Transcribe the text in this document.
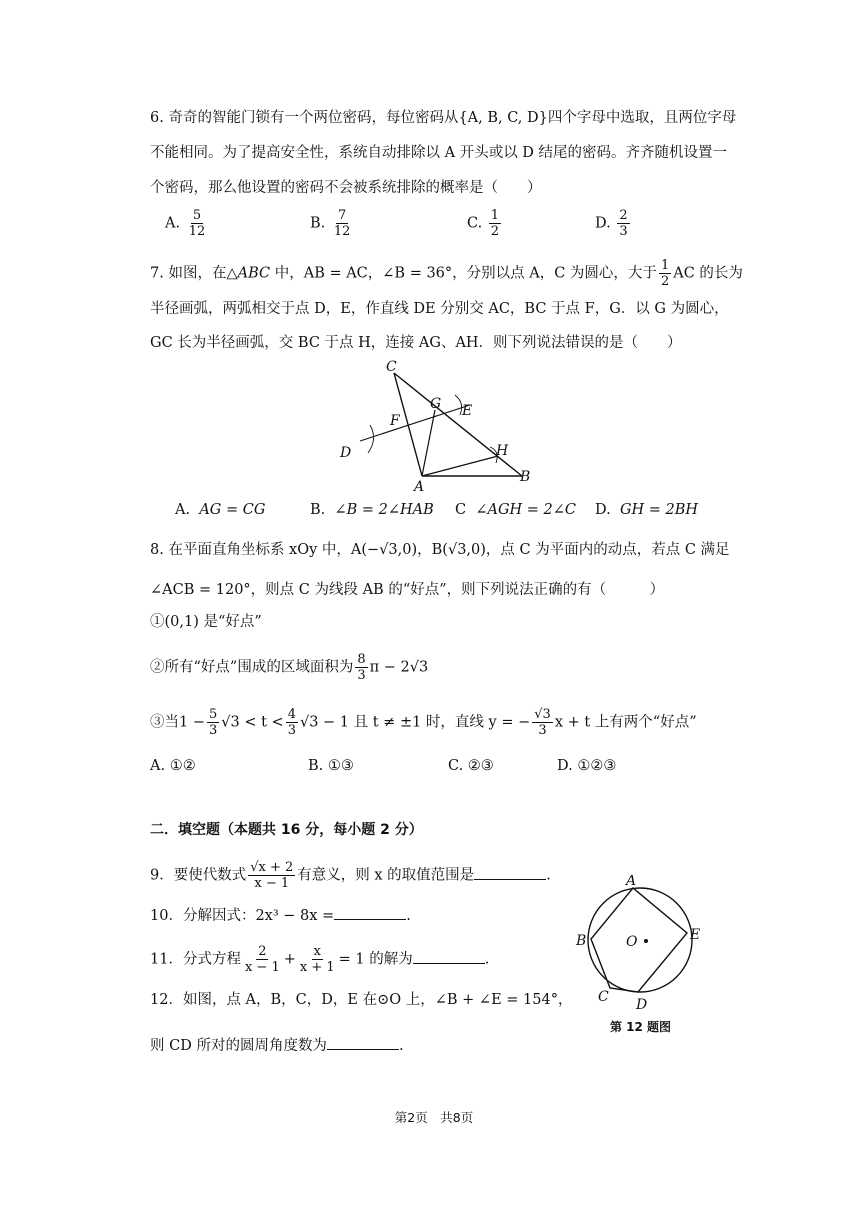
6. 奇奇的智能门锁有一个两位密码，每位密码从{A, B, C, D}四个字母中选取，且两位字母
不能相同。为了提高安全性，系统自动排除以 A 开头或以 D 结尾的密码。齐齐随机设置一
个密码，那么他设置的密码不会被系统排除的概率是（　　）
A. $\frac{5}{12}$	B. $\frac{7}{12}$	C. $\frac{1}{2}$	D. $\frac{2}{3}$
7. 如图，在△ABC 中，AB = AC，∠B = 36°，分别以点 A，C 为圆心，大于 $\frac{1}{2}$ AC 的长为
半径画弧，两弧相交于点 D，E，作直线 DE 分别交 AC，BC 于点 F，G．以 G 为圆心，
GC 长为半径画弧，交 BC 于点 H，连接 AG、AH．则下列说法错误的是（　　）
C
G E
F
D	H
A
B
A. AG = CG	B. ∠B = 2∠HAB C ∠AGH = 2∠C D. GH = 2BH
8. 在平面直角坐标系 xOy 中，A(−√3,0)，B(√3,0)，点 C 为平面内的动点，若点 C 满足
∠ACB = 120°，则点 C 为线段 AB 的“好点”，则下列说法正确的有（　　　）
①(0,1) 是“好点”
②所有“好点”围成的区域面积为 $\frac{8}{3}$ π − 2√3
③当$1 - \frac{5}{3} √3 < t < \frac{4}{3} √3 - 1$ 且 t ≠ ±1 时，直线 y = − $\frac{√3}{3}$ x + t 上有两个“好点”
A. ①②	B. ①③	C. ②③	D. ①②③
二．填空题（本题共 16 分，每小题 2 分）
9．要使代数式 $\frac{√x + 2}{x - 1}$ 有意义，则 x 的取值范围是	.
10．分解因式：2x³ − 8x =	.
11．分式方程 $\frac{2}{x - 1} + \frac{x}{x + 1} = 1$ 的解为	.
12．如图，点 A，B，C，D，E 在⊙O 上，∠B + ∠E = 154°，
则 CD 所对的圆周角度数为	.
A
B	O	E
C D
第 12 题图
第2页　共8页
